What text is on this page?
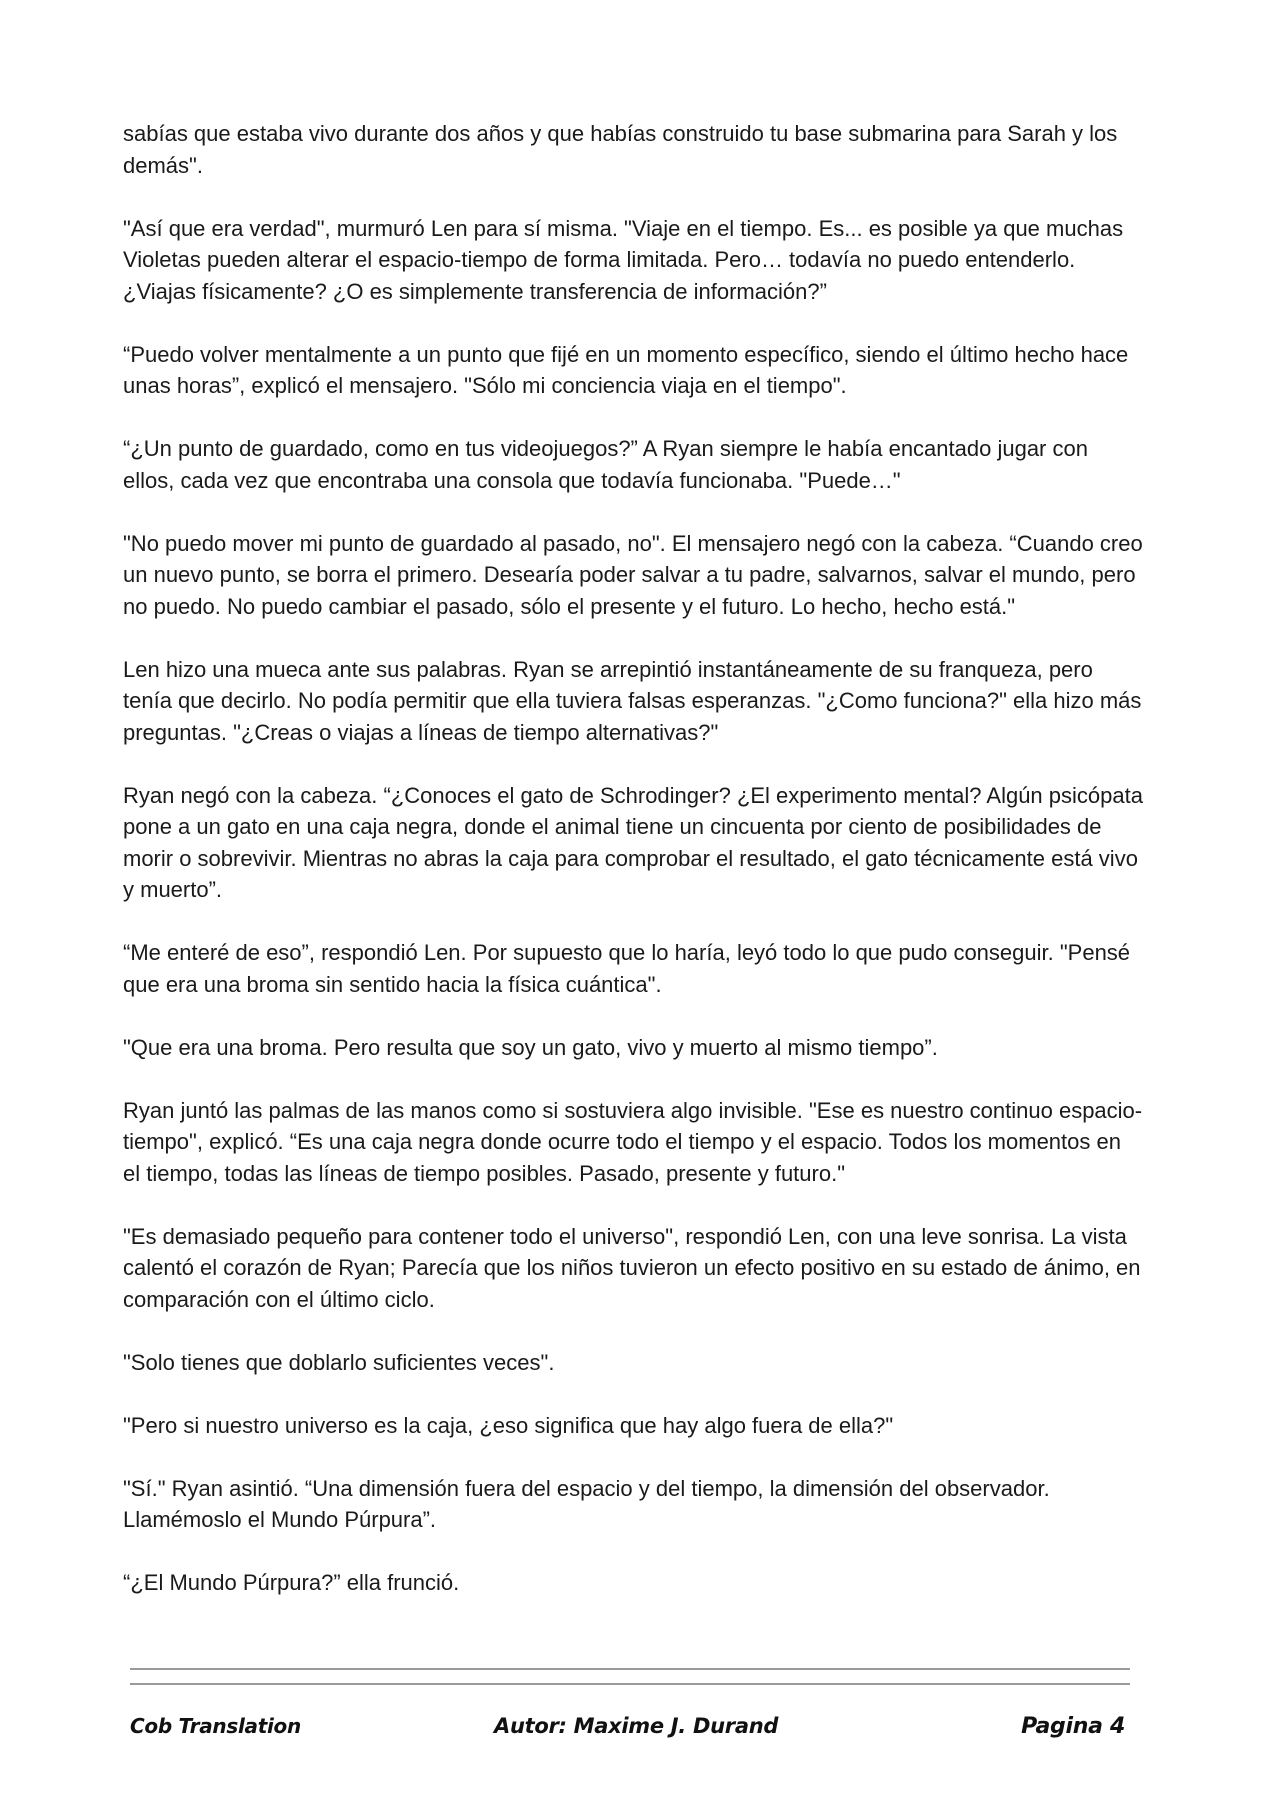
sabías que estaba vivo durante dos años y que habías construido tu base submarina para Sarah y los demás".

"Así que era verdad", murmuró Len para sí misma. "Viaje en el tiempo. Es... es posible ya que muchas Violetas pueden alterar el espacio-tiempo de forma limitada. Pero… todavía no puedo entenderlo. ¿Viajas físicamente? ¿O es simplemente transferencia de información?”

“Puedo volver mentalmente a un punto que fijé en un momento específico, siendo el último hecho hace unas horas”, explicó el mensajero. "Sólo mi conciencia viaja en el tiempo".

“¿Un punto de guardado, como en tus videojuegos?” A Ryan siempre le había encantado jugar con ellos, cada vez que encontraba una consola que todavía funcionaba. "Puede…"

"No puedo mover mi punto de guardado al pasado, no". El mensajero negó con la cabeza. “Cuando creo un nuevo punto, se borra el primero. Desearía poder salvar a tu padre, salvarnos, salvar el mundo, pero no puedo. No puedo cambiar el pasado, sólo el presente y el futuro. Lo hecho, hecho está."

Len hizo una mueca ante sus palabras. Ryan se arrepintió instantáneamente de su franqueza, pero tenía que decirlo. No podía permitir que ella tuviera falsas esperanzas. "¿Como funciona?" ella hizo más preguntas. "¿Creas o viajas a líneas de tiempo alternativas?"

Ryan negó con la cabeza. “¿Conoces el gato de Schrodinger? ¿El experimento mental? Algún psicópata pone a un gato en una caja negra, donde el animal tiene un cincuenta por ciento de posibilidades de morir o sobrevivir. Mientras no abras la caja para comprobar el resultado, el gato técnicamente está vivo y muerto”.

“Me enteré de eso”, respondió Len. Por supuesto que lo haría, leyó todo lo que pudo conseguir. "Pensé que era una broma sin sentido hacia la física cuántica".

"Que era una broma. Pero resulta que soy un gato, vivo y muerto al mismo tiempo”.

Ryan juntó las palmas de las manos como si sostuviera algo invisible. "Ese es nuestro continuo espacio-tiempo", explicó. “Es una caja negra donde ocurre todo el tiempo y el espacio. Todos los momentos en el tiempo, todas las líneas de tiempo posibles. Pasado, presente y futuro."

"Es demasiado pequeño para contener todo el universo", respondió Len, con una leve sonrisa. La vista calentó el corazón de Ryan; Parecía que los niños tuvieron un efecto positivo en su estado de ánimo, en comparación con el último ciclo.

"Solo tienes que doblarlo suficientes veces".

"Pero si nuestro universo es la caja, ¿eso significa que hay algo fuera de ella?"

"Sí." Ryan asintió. “Una dimensión fuera del espacio y del tiempo, la dimensión del observador. Llamémoslo el Mundo Púrpura”.

“¿El Mundo Púrpura?” ella frunció.

Cob Translation	Autor: Maxime J. Durand	Pagina 4
